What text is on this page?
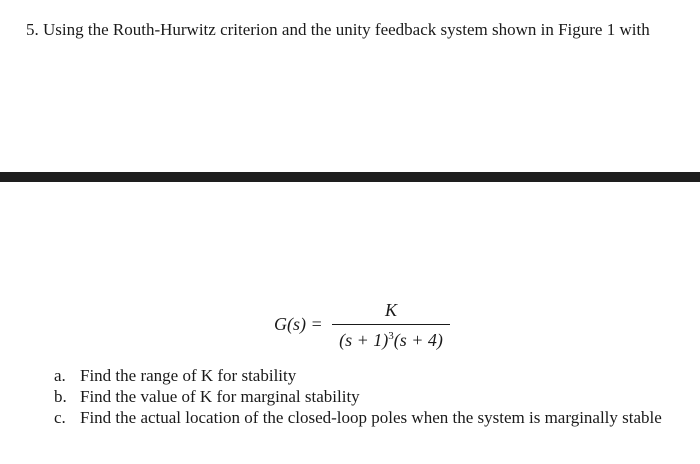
5. Using the Routh-Hurwitz criterion and the unity feedback system shown in Figure 1 with

G(s) =
K
$(s + 1)^3(s + 4)$
a. Find the range of K for stability
b. Find the value of K for marginal stability
c. Find the actual location of the closed-loop poles when the system is marginally stable
